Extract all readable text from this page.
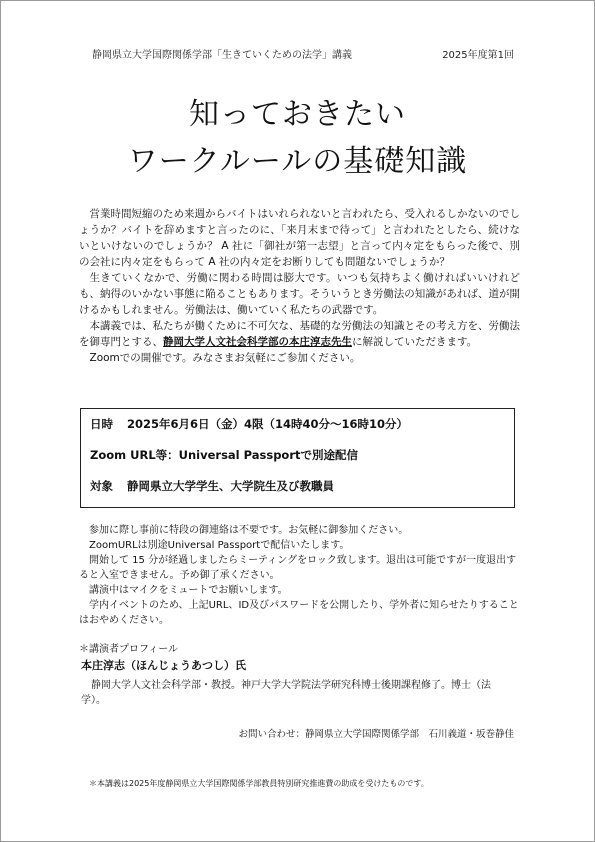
静岡県立大学国際関係学部「生きていくための法学」講義	2025年度第1回
知っておきたい
ワークルールの基礎知識

営業時間短縮のため来週からバイトはいれられないと言われたら、受入れるしかないのでしょうか？バイトを辞めますと言ったのに、「来月末まで待って」と言われたとしたら、続けないといけないのでしょうか？ A 社に「御社が第一志望」と言って内々定をもらった後で、別の会社に内々定をもらって A 社の内々定をお断りしても問題ないでしょうか？

生きていくなかで、労働に関わる時間は膨大です。いつも気持ちよく働ければいいけれども、納得のいかない事態に陥ることもあります。そういうとき労働法の知識があれば、道が開けるかもしれません。労働法は、働いていく私たちの武器です。

本講義では、私たちが働くために不可欠な、基礎的な労働法の知識とその考え方を、労働法を御専門とする、静岡大学人文社会科学部の本庄淳志先生に解説していただきます。

Zoomでの開催です。みなさまお気軽にご参加ください。

日時 2025年6月6日（金）4限（14時40分〜16時10分）
Zoom URL等：Universal Passportで別途配信
対象 静岡県立大学学生、大学院生及び教職員

参加に際し事前に特段の御連絡は不要です。お気軽に御参加ください。

ZoomURLは別途Universal Passportで配信いたします。

開始して 15 分が経過しましたらミーティングをロック致します。退出は可能ですが一度退出すると入室できません。予め御了承ください。

講演中はマイクをミュートでお願いします。

学内イベントのため、上記URL、ID及びパスワードを公開したり、学外者に知らせたりすることはおやめください。

＊講演者プロフィール
本庄淳志（ほんじょうあつし）氏
静岡大学人文社会科学部・教授。神戸大学大学院法学研究科博士後期課程修了。博士（法学）。
お問い合わせ：静岡県立大学国際関係学部　石川義道・坂巻静佳
＊本講義は2025年度静岡県立大学国際関係学部教員特別研究推進費の助成を受けたものです。
